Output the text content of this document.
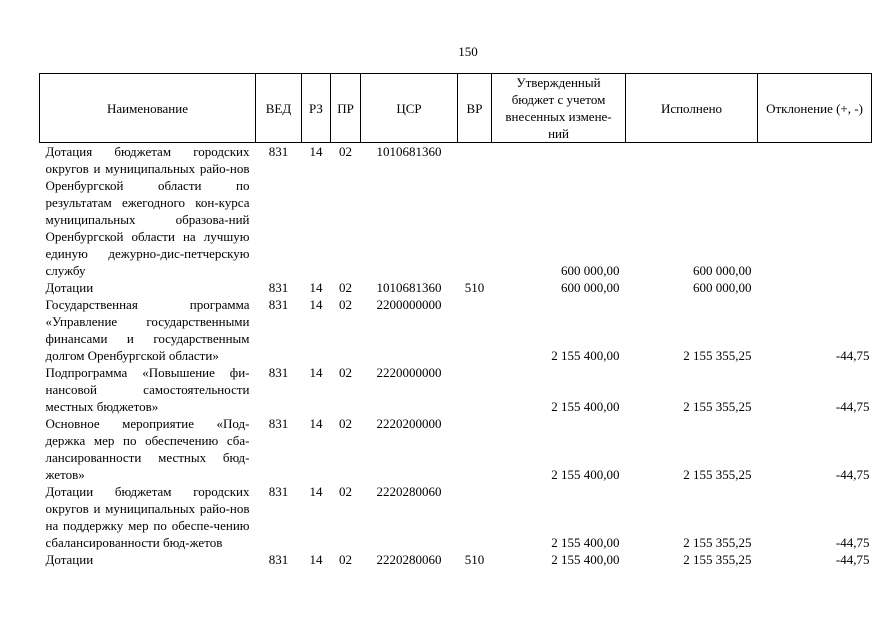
150
Наименование	ВЕД	РЗ	ПР	ЦСР	ВР	Утвержденный бюджет с учетом внесенных измене-ний	Исполнено	Отклонение (+, -)
Дотация бюджетам городских округов и муниципальных райо-нов Оренбургской области по результатам ежегодного кон-курса муниципальных образова-ний Оренбургской области на лучшую единую дежурно-дис-петчерскую службу	831	14	02	1010681360		600 000,00	600 000,00	
Дотации	831	14	02	1010681360	510	600 000,00	600 000,00	
Государственная программа «Управление государственными финансами и государственным долгом Оренбургской области»	831	14	02	2200000000		2 155 400,00	2 155 355,25	-44,75
Подпрограмма «Повышение фи-нансовой самостоятельности местных бюджетов»	831	14	02	2220000000		2 155 400,00	2 155 355,25	-44,75
Основное мероприятие «Под-держка мер по обеспечению сба-лансированности местных бюд-жетов»	831	14	02	2220200000		2 155 400,00	2 155 355,25	-44,75
Дотации бюджетам городских округов и муниципальных райо-нов на поддержку мер по обеспе-чению сбалансированности бюд-жетов	831	14	02	2220280060		2 155 400,00	2 155 355,25	-44,75
Дотации	831	14	02	2220280060	510	2 155 400,00	2 155 355,25	-44,75
